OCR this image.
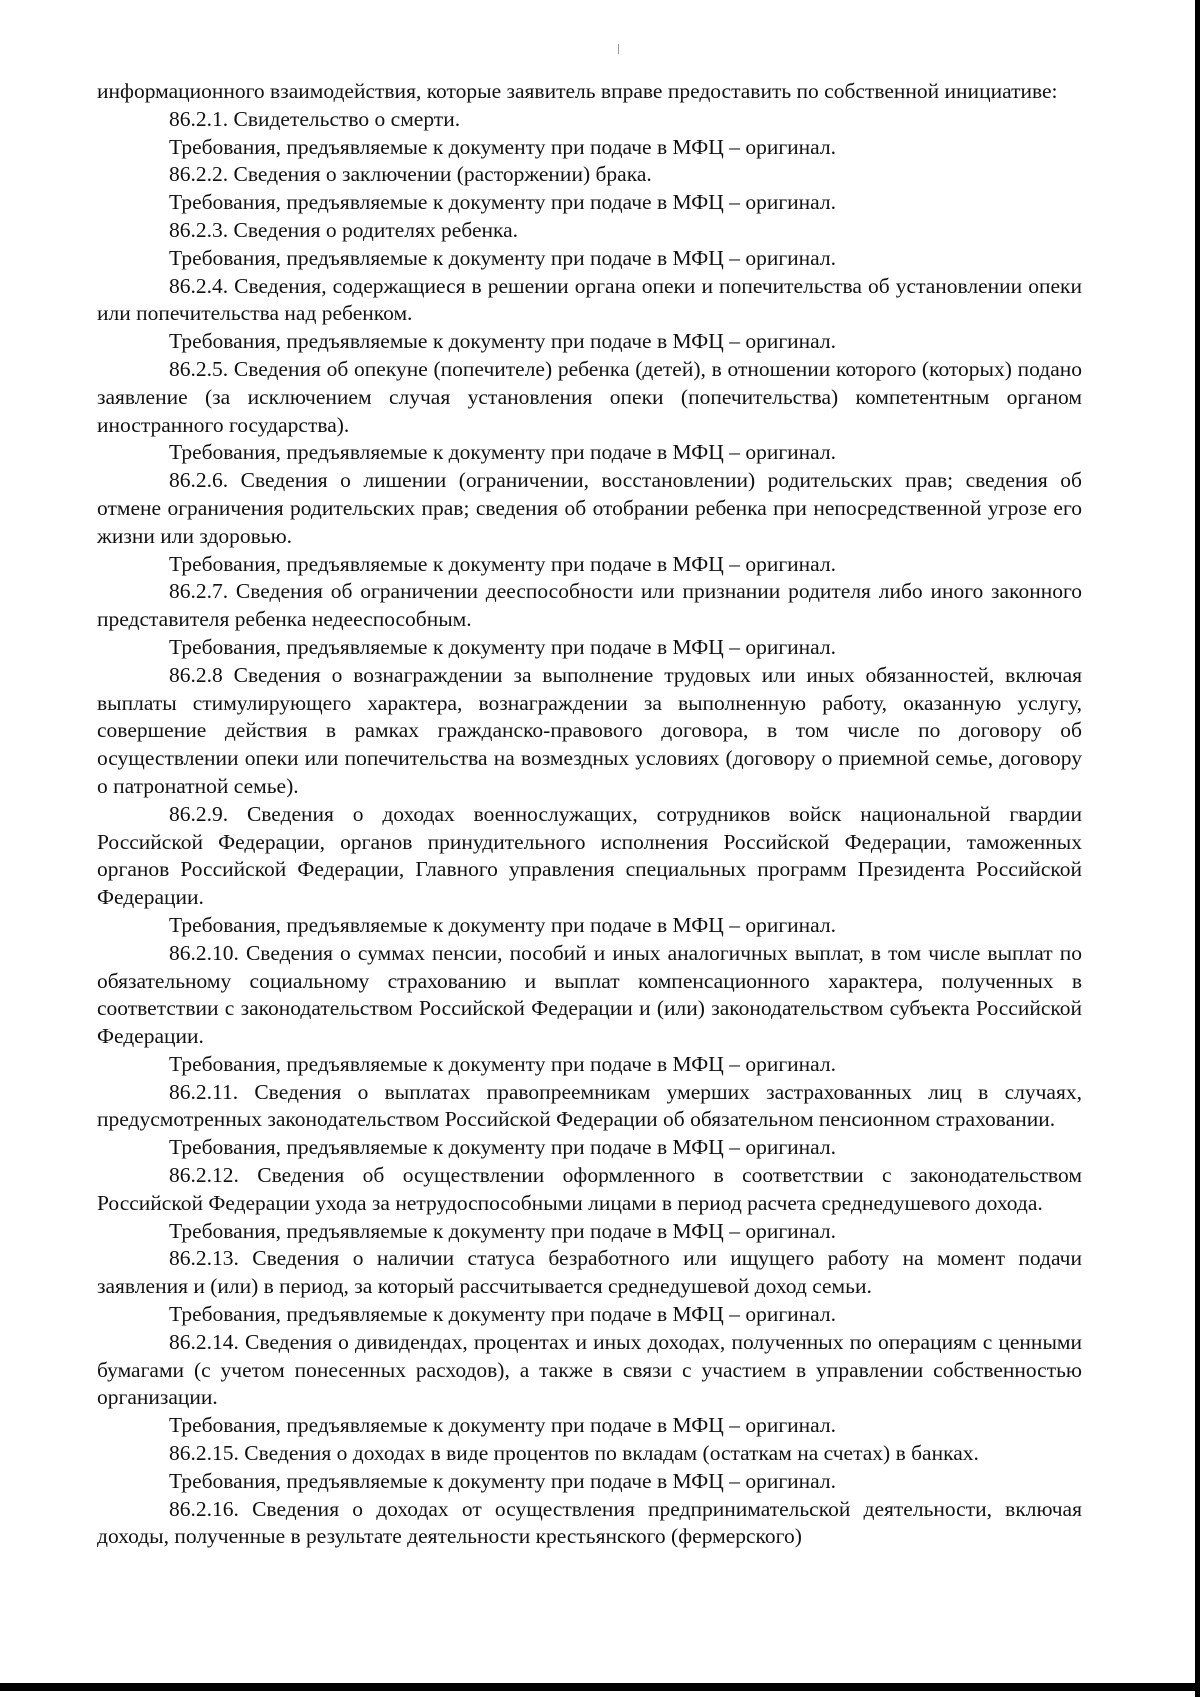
информационного взаимодействия, которые заявитель вправе предоставить по собственной инициативе:

86.2.1. Свидетельство о смерти.

Требования, предъявляемые к документу при подаче в МФЦ – оригинал.

86.2.2. Сведения о заключении (расторжении) брака.

Требования, предъявляемые к документу при подаче в МФЦ – оригинал.

86.2.3. Сведения о родителях ребенка.

Требования, предъявляемые к документу при подаче в МФЦ – оригинал.

86.2.4. Сведения, содержащиеся в решении органа опеки и попечительства об установлении опеки или попечительства над ребенком.

Требования, предъявляемые к документу при подаче в МФЦ – оригинал.

86.2.5. Сведения об опекуне (попечителе) ребенка (детей), в отношении которого (которых) подано заявление (за исключением случая установления опеки (попечительства) компетентным органом иностранного государства).

Требования, предъявляемые к документу при подаче в МФЦ – оригинал.

86.2.6. Сведения о лишении (ограничении, восстановлении) родительских прав; сведения об отмене ограничения родительских прав; сведения об отобрании ребенка при непосредственной угрозе его жизни или здоровью.

Требования, предъявляемые к документу при подаче в МФЦ – оригинал.

86.2.7. Сведения об ограничении дееспособности или признании родителя либо иного законного представителя ребенка недееспособным.

Требования, предъявляемые к документу при подаче в МФЦ – оригинал.

86.2.8 Сведения о вознаграждении за выполнение трудовых или иных обязанностей, включая выплаты стимулирующего характера, вознаграждении за выполненную работу, оказанную услугу, совершение действия в рамках гражданско-правового договора, в том числе по договору об осуществлении опеки или попечительства на возмездных условиях (договору о приемной семье, договору о патронатной семье).

86.2.9. Сведения о доходах военнослужащих, сотрудников войск национальной гвардии Российской Федерации, органов принудительного исполнения Российской Федерации, таможенных органов Российской Федерации, Главного управления специальных программ Президента Российской Федерации.

Требования, предъявляемые к документу при подаче в МФЦ – оригинал.

86.2.10. Сведения о суммах пенсии, пособий и иных аналогичных выплат, в том числе выплат по обязательному социальному страхованию и выплат компенсационного характера, полученных в соответствии с законодательством Российской Федерации и (или) законодательством субъекта Российской Федерации.

Требования, предъявляемые к документу при подаче в МФЦ – оригинал.

86.2.11. Сведения о выплатах правопреемникам умерших застрахованных лиц в случаях, предусмотренных законодательством Российской Федерации об обязательном пенсионном страховании.

Требования, предъявляемые к документу при подаче в МФЦ – оригинал.

86.2.12. Сведения об осуществлении оформленного в соответствии с законодательством Российской Федерации ухода за нетрудоспособными лицами в период расчета среднедушевого дохода.

Требования, предъявляемые к документу при подаче в МФЦ – оригинал.

86.2.13. Сведения о наличии статуса безработного или ищущего работу на момент подачи заявления и (или) в период, за который рассчитывается среднедушевой доход семьи.

Требования, предъявляемые к документу при подаче в МФЦ – оригинал.

86.2.14. Сведения о дивидендах, процентах и иных доходах, полученных по операциям с ценными бумагами (с учетом понесенных расходов), а также в связи с участием в управлении собственностью организации.

Требования, предъявляемые к документу при подаче в МФЦ – оригинал.

86.2.15. Сведения о доходах в виде процентов по вкладам (остаткам на счетах) в банках.

Требования, предъявляемые к документу при подаче в МФЦ – оригинал.

86.2.16. Сведения о доходах от осуществления предпринимательской деятельности, включая доходы, полученные в результате деятельности крестьянского (фермерского)
